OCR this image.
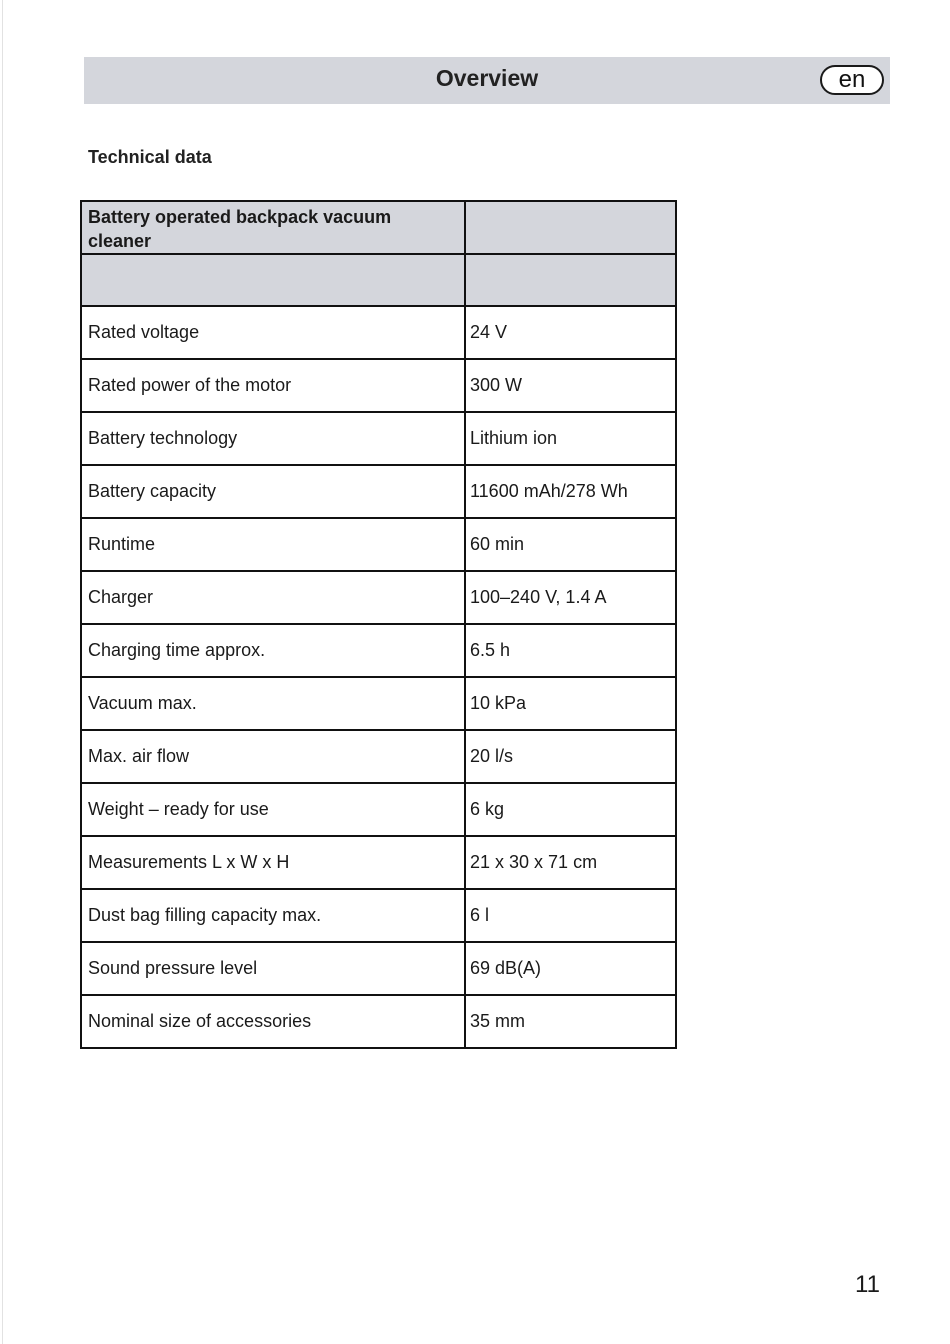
Overview	en
Technical data
Battery operated backpack vacuum cleaner	

Rated voltage	24 V
Rated power of the motor	300 W
Battery technology	Lithium ion
Battery capacity	11600 mAh/278 Wh
Runtime	60 min
Charger	100–240 V, 1.4 A
Charging time approx.	6.5 h
Vacuum max.	10 kPa
Max. air flow	20 l/s
Weight – ready for use	6 kg
Measurements L x W x H	21 x 30 x 71 cm
Dust bag filling capacity max.	6 l
Sound pressure level	69 dB(A)
Nominal size of accessories	35 mm
11
